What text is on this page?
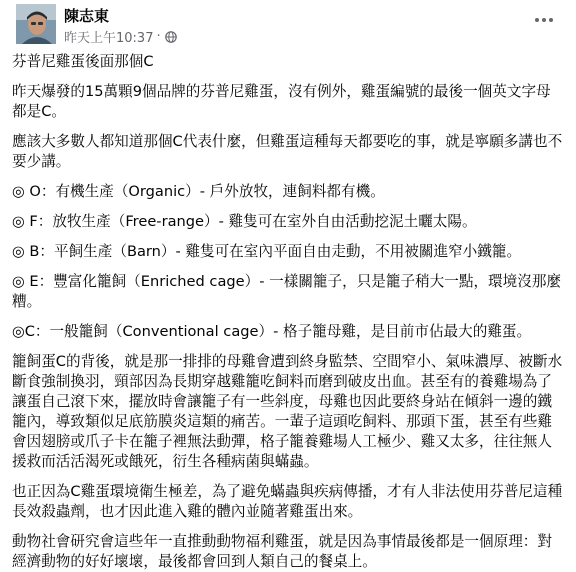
陳志東
昨天上午10:37 ·
芬普尼雞蛋後面那個C
昨天爆發的15萬顆9個品牌的芬普尼雞蛋，沒有例外，雞蛋編號的最後一個英文字母都是C。
應該大多數人都知道那個C代表什麼，但雞蛋這種每天都要吃的事，就是寧願多講也不要少講。
◎ O：有機生產（Organic）- 戶外放牧，連飼料都有機。
◎ F：放牧生產（Free-range）- 雞隻可在室外自由活動挖泥土曬太陽。
◎ B：平飼生產（Barn）- 雞隻可在室內平面自由走動，不用被關進窄小鐵籠。
◎ E：豐富化籠飼（Enriched cage）- 一樣關籠子，只是籠子稍大一點，環境沒那麼糟。
◎C：一般籠飼（Conventional cage）- 格子籠母雞，是目前市佔最大的雞蛋。
籠飼蛋C的背後，就是那一排排的母雞會遭到終身監禁、空間窄小、氣味濃厚、被斷水斷食強制換羽，頸部因為長期穿越雞籠吃飼料而磨到破皮出血。甚至有的養雞場為了讓蛋自己滾下來，擺放時會讓籠子有一些斜度，母雞也因此要終身站在傾斜一邊的鐵籠內，導致類似足底筋膜炎這類的痛苦。一輩子這頭吃飼料、那頭下蛋，甚至有些雞會因翅膀或爪子卡在籠子裡無法動彈，格子籠養雞場人工極少、雞又太多，往往無人援救而活活渴死或餓死，衍生各種病菌與蟎蟲。
也正因為C雞蛋環境衛生極差，為了避免蟎蟲與疾病傳播，才有人非法使用芬普尼這種長效殺蟲劑，也才因此進入雞的體內並隨著雞蛋出來。
動物社會研究會這些年一直推動動物福利雞蛋，就是因為事情最後都是一個原理：對經濟動物的好好壞壞，最後都會回到人類自己的餐桌上。
